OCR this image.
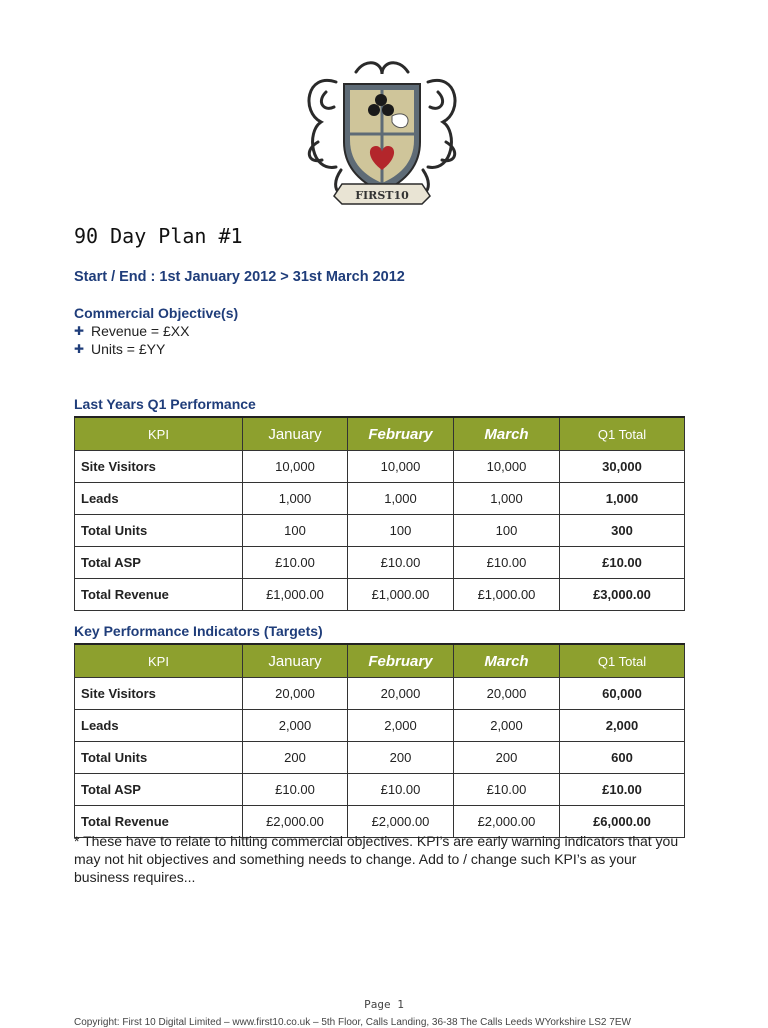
FIRST10
90 Day Plan #1

Start / End : 1st January 2012 > 31st March 2012

Commercial Objective(s)
✚ Revenue = £XX
✚ Units = £YY
Last Years Q1 Performance
KPI	January	February	March	Q1 Total
Site Visitors	10,000	10,000	10,000	30,000
Leads	1,000	1,000	1,000	1,000
Total Units	100	100	100	300
Total ASP	£10.00	£10.00	£10.00	£10.00
Total Revenue	£1,000.00	£1,000.00	£1,000.00	£3,000.00
Key Performance Indicators (Targets)
KPI	January	February	March	Q1 Total
Site Visitors	20,000	20,000	20,000	60,000
Leads	2,000	2,000	2,000	2,000
Total Units	200	200	200	600
Total ASP	£10.00	£10.00	£10.00	£10.00
Total Revenue	£2,000.00	£2,000.00	£2,000.00	£6,000.00

* These have to relate to hitting commercial objectives. KPI’s are early warning indicators that you may not hit objectives and something needs to change. Add to / change such KPI’s as your business requires...

Page 1
Copyright: First 10 Digital Limited – www.first10.co.uk – 5th Floor, Calls Landing, 36-38 The Calls Leeds WYorkshire LS2 7EW
